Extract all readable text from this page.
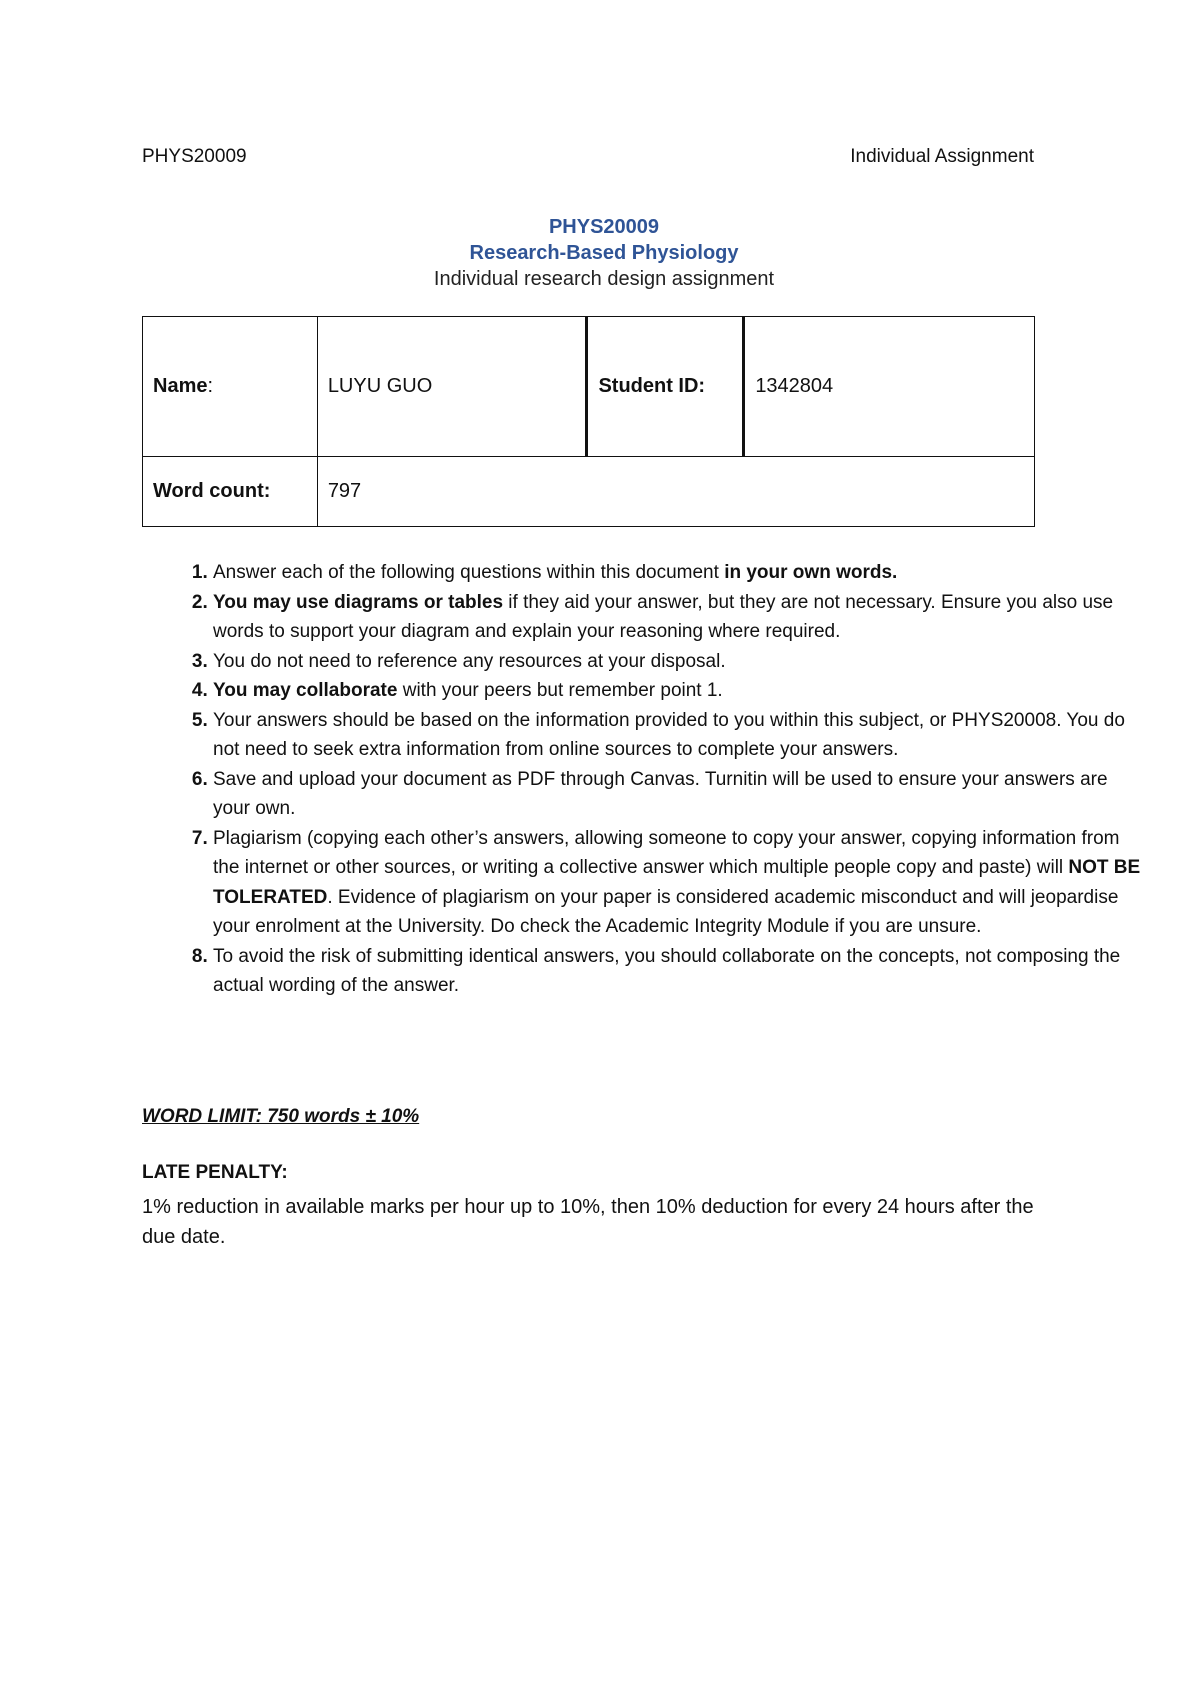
PHYS20009	Individual Assignment
PHYS20009
Research-Based Physiology
Individual research design assignment
Name:	LUYU GUO	Student ID:	1342804
Word count:	797		
1. Answer each of the following questions within this document in your own words.
2. You may use diagrams or tables if they aid your answer, but they are not necessary. Ensure you also use words to support your diagram and explain your reasoning where required.
3. You do not need to reference any resources at your disposal.
4. You may collaborate with your peers but remember point 1.
5. Your answers should be based on the information provided to you within this subject, or PHYS20008. You do not need to seek extra information from online sources to complete your answers.
6. Save and upload your document as PDF through Canvas. Turnitin will be used to ensure your answers are your own.
7. Plagiarism (copying each other’s answers, allowing someone to copy your answer, copying information from the internet or other sources, or writing a collective answer which multiple people copy and paste) will NOT BE TOLERATED. Evidence of plagiarism on your paper is considered academic misconduct and will jeopardise your enrolment at the University. Do check the Academic Integrity Module if you are unsure.
8. To avoid the risk of submitting identical answers, you should collaborate on the concepts, not composing the actual wording of the answer.
WORD LIMIT: 750 words ± 10%
LATE PENALTY:
1% reduction in available marks per hour up to 10%, then 10% deduction for every 24 hours after the due date.
